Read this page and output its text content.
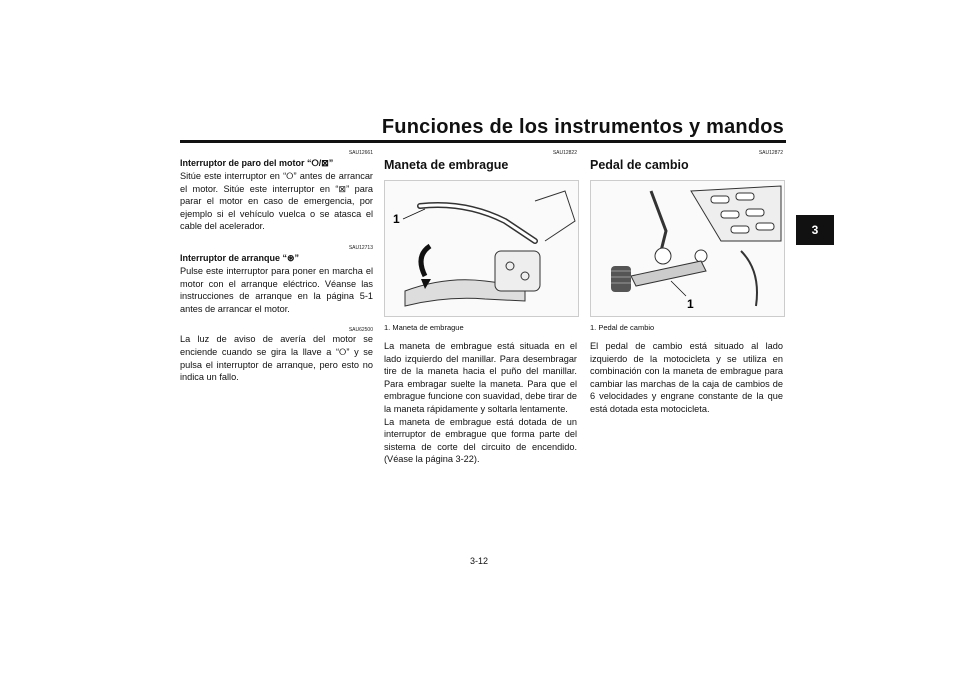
Funciones de los instrumentos y mandos
3
SAU12661
Interruptor de paro del motor “⭘/⊠”

Sitúe este interruptor en “⭘” antes de arrancar el motor. Sitúe este interruptor en “⊠” para parar el motor en caso de emergencia, por ejemplo si el vehículo vuelca o se atasca el cable del acelerador.

SAU12713
Interruptor de arranque “⊛”

Pulse este interruptor para poner en marcha el motor con el arranque eléctrico. Véanse las instrucciones de arranque en la página 5-1 antes de arrancar el motor.

SAU62500

La luz de aviso de avería del motor se enciende cuando se gira la llave a “⭘” y se pulsa el interruptor de arranque, pero esto no indica un fallo.

SAU12822
Maneta de embrague
1
1. Maneta de embrague

La maneta de embrague está situada en el lado izquierdo del manillar. Para desembragar tire de la maneta hacia el puño del manillar. Para embragar suelte la maneta. Para que el embrague funcione con suavidad, debe tirar de la maneta rápidamente y soltarla lentamente.

La maneta de embrague está dotada de un interruptor de embrague que forma parte del sistema de corte del circuito de encendido. (Véase la página 3-22).

SAU12872
Pedal de cambio
1
1. Pedal de cambio

El pedal de cambio está situado al lado izquierdo de la motocicleta y se utiliza en combinación con la maneta de embrague para cambiar las marchas de la caja de cambios de 6 velocidades y engrane constante de la que está dotada esta motocicleta.

3-12
